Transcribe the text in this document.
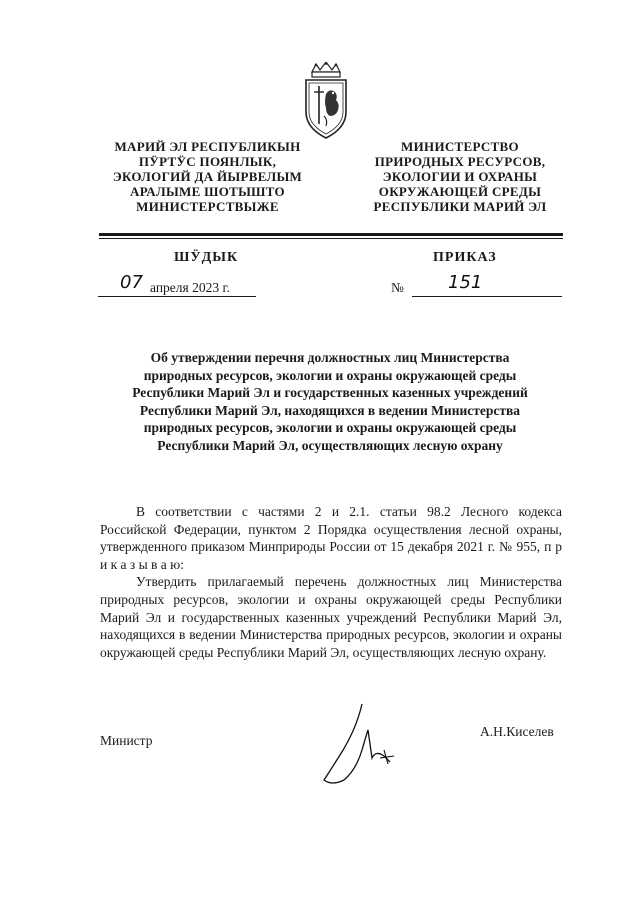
МАРИЙ ЭЛ РЕСПУБЛИКЫН
ПӰРТӰС ПОЯНЛЫК,
ЭКОЛОГИЙ ДА ЙЫРВЕЛЫМ
АРАЛЫМЕ ШОТЫШТО
МИНИСТЕРСТВЫЖЕ
МИНИСТЕРСТВО
ПРИРОДНЫХ РЕСУРСОВ,
ЭКОЛОГИИ И ОХРАНЫ
ОКРУЖАЮЩЕЙ СРЕДЫ
РЕСПУБЛИКИ МАРИЙ ЭЛ
ШӰДЫК	ПРИКАЗ
07 апреля 2023 г.	№ 151
Об утверждении перечня должностных лиц Министерства
природных ресурсов, экологии и охраны окружающей среды
Республики Марий Эл и государственных казенных учреждений
Республики Марий Эл, находящихся в ведении Министерства
природных ресурсов, экологии и охраны окружающей среды
Республики Марий Эл, осуществляющих лесную охрану

В соответствии с частями 2 и 2.1. статьи 98.2 Лесного кодекса Российской Федерации, пунктом 2 Порядка осуществления лесной охраны, утвержденного приказом Минприроды России от 15 декабря 2021 г. № 955, п р и к а з ы в а ю:

Утвердить прилагаемый перечень должностных лиц Министерства природных ресурсов, экологии и охраны окружающей среды Республики Марий Эл и государственных казенных учреждений Республики Марий Эл, находящихся в ведении Министерства природных ресурсов, экологии и охраны окружающей среды Республики Марий Эл, осуществляющих лесную охрану.

Министр
А.Н.Киселев
